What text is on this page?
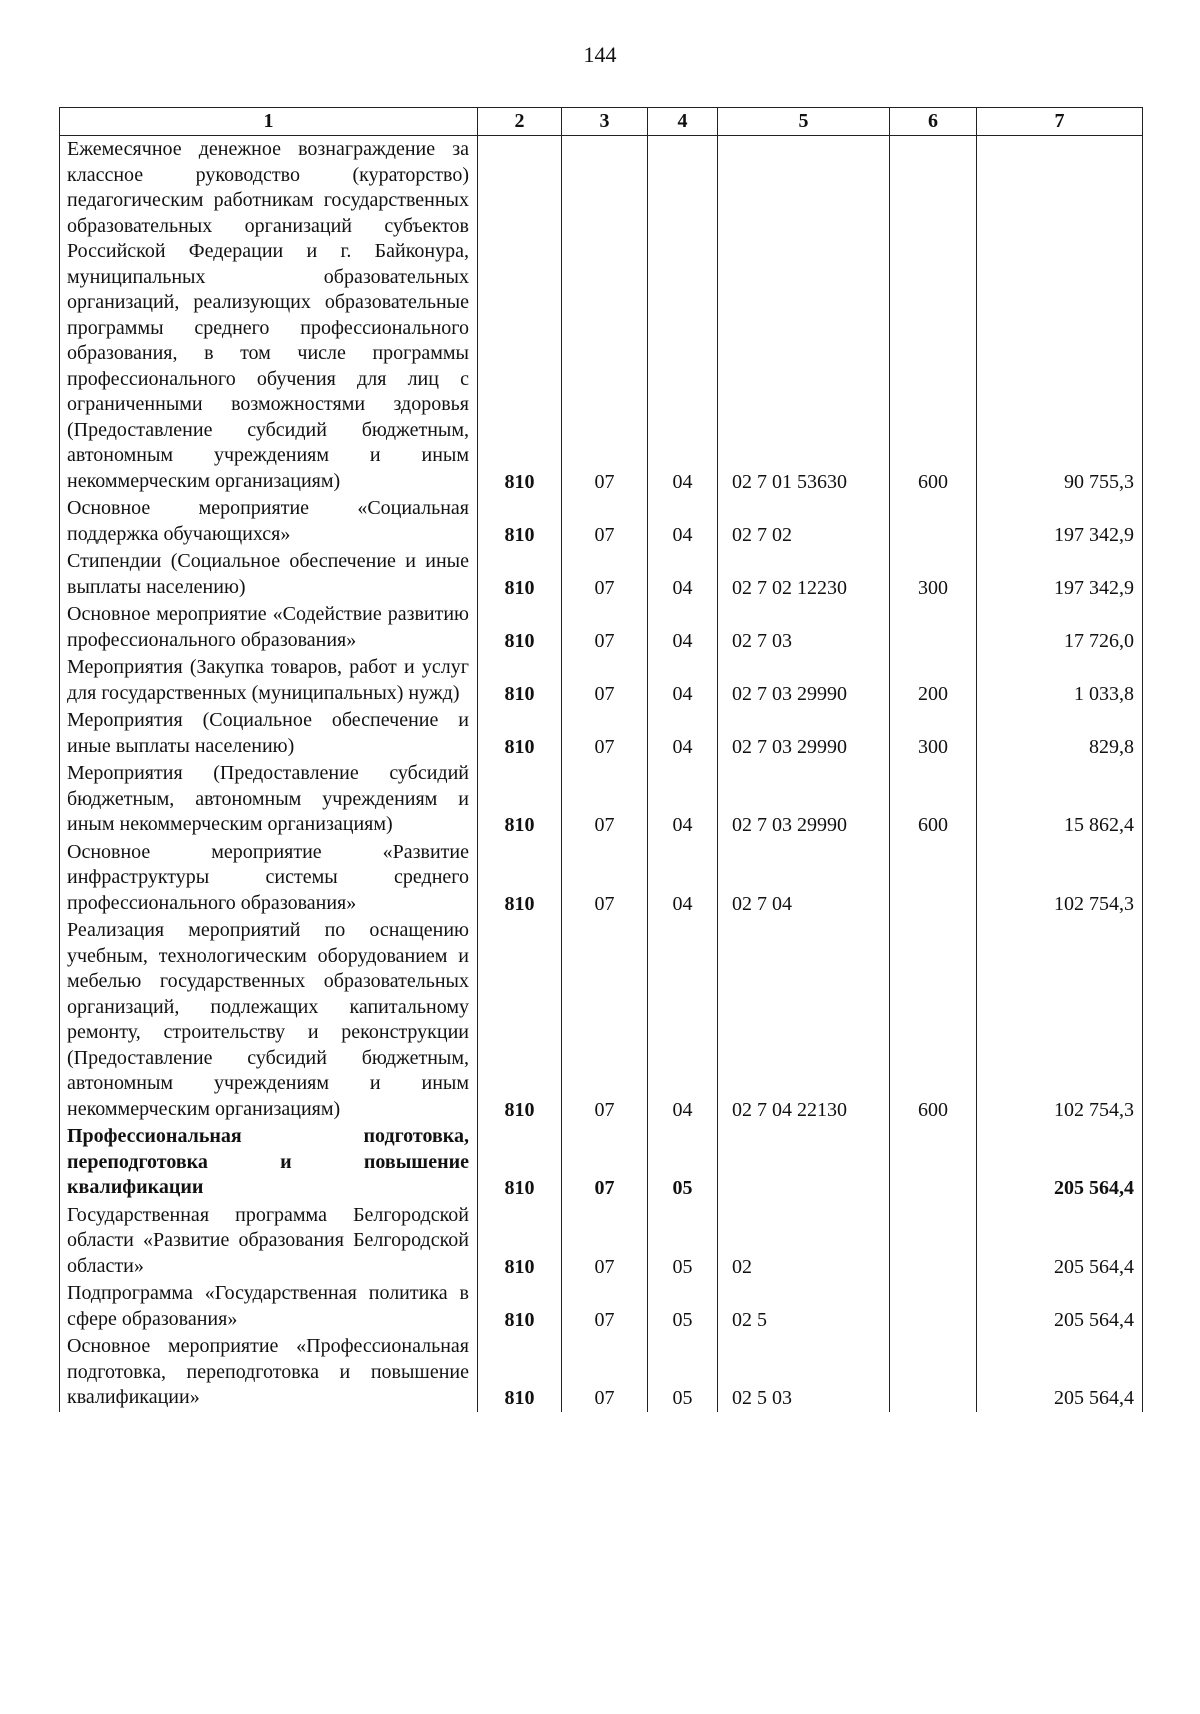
144
1	2	3	4	5	6	7
Ежемесячное денежное вознаграждение за классное руководство (кураторство) педагогическим работникам государственных образовательных организаций субъектов Российской Федерации и г. Байконура, муниципальных образовательных организаций, реализующих образовательные программы среднего профессионального образования, в том числе программы профессионального обучения для лиц с ограниченными возможностями здоровья (Предоставление субсидий бюджетным, автономным учреждениям и иным некоммерческим организациям)	810	07	04	02 7 01 53630	600	90 755,3
Основное мероприятие «Социальная поддержка обучающихся»	810	07	04	02 7 02		197 342,9
Стипендии (Социальное обеспечение и иные выплаты населению)	810	07	04	02 7 02 12230	300	197 342,9
Основное мероприятие «Содействие развитию профессионального образования»	810	07	04	02 7 03		17 726,0
Мероприятия (Закупка товаров, работ и услуг для государственных (муниципальных) нужд)	810	07	04	02 7 03 29990	200	1 033,8
Мероприятия (Социальное обеспечение и иные выплаты населению)	810	07	04	02 7 03 29990	300	829,8
Мероприятия (Предоставление субсидий бюджетным, автономным учреждениям и иным некоммерческим организациям)	810	07	04	02 7 03 29990	600	15 862,4
Основное мероприятие «Развитие инфраструктуры системы среднего профессионального образования»	810	07	04	02 7 04		102 754,3
Реализация мероприятий по оснащению учебным, технологическим оборудованием и мебелью государственных образовательных организаций, подлежащих капитальному ремонту, строительству и реконструкции (Предоставление субсидий бюджетным, автономным учреждениям и иным некоммерческим организациям)	810	07	04	02 7 04 22130	600	102 754,3
Профессиональная подготовка, переподготовка и повышение квалификации	810	07	05			205 564,4
Государственная программа Белгородской области «Развитие образования Белгородской области»	810	07	05	02		205 564,4
Подпрограмма «Государственная политика в сфере образования»	810	07	05	02 5		205 564,4
Основное мероприятие «Профессиональная подготовка, переподготовка и повышение квалификации»	810	07	05	02 5 03		205 564,4
